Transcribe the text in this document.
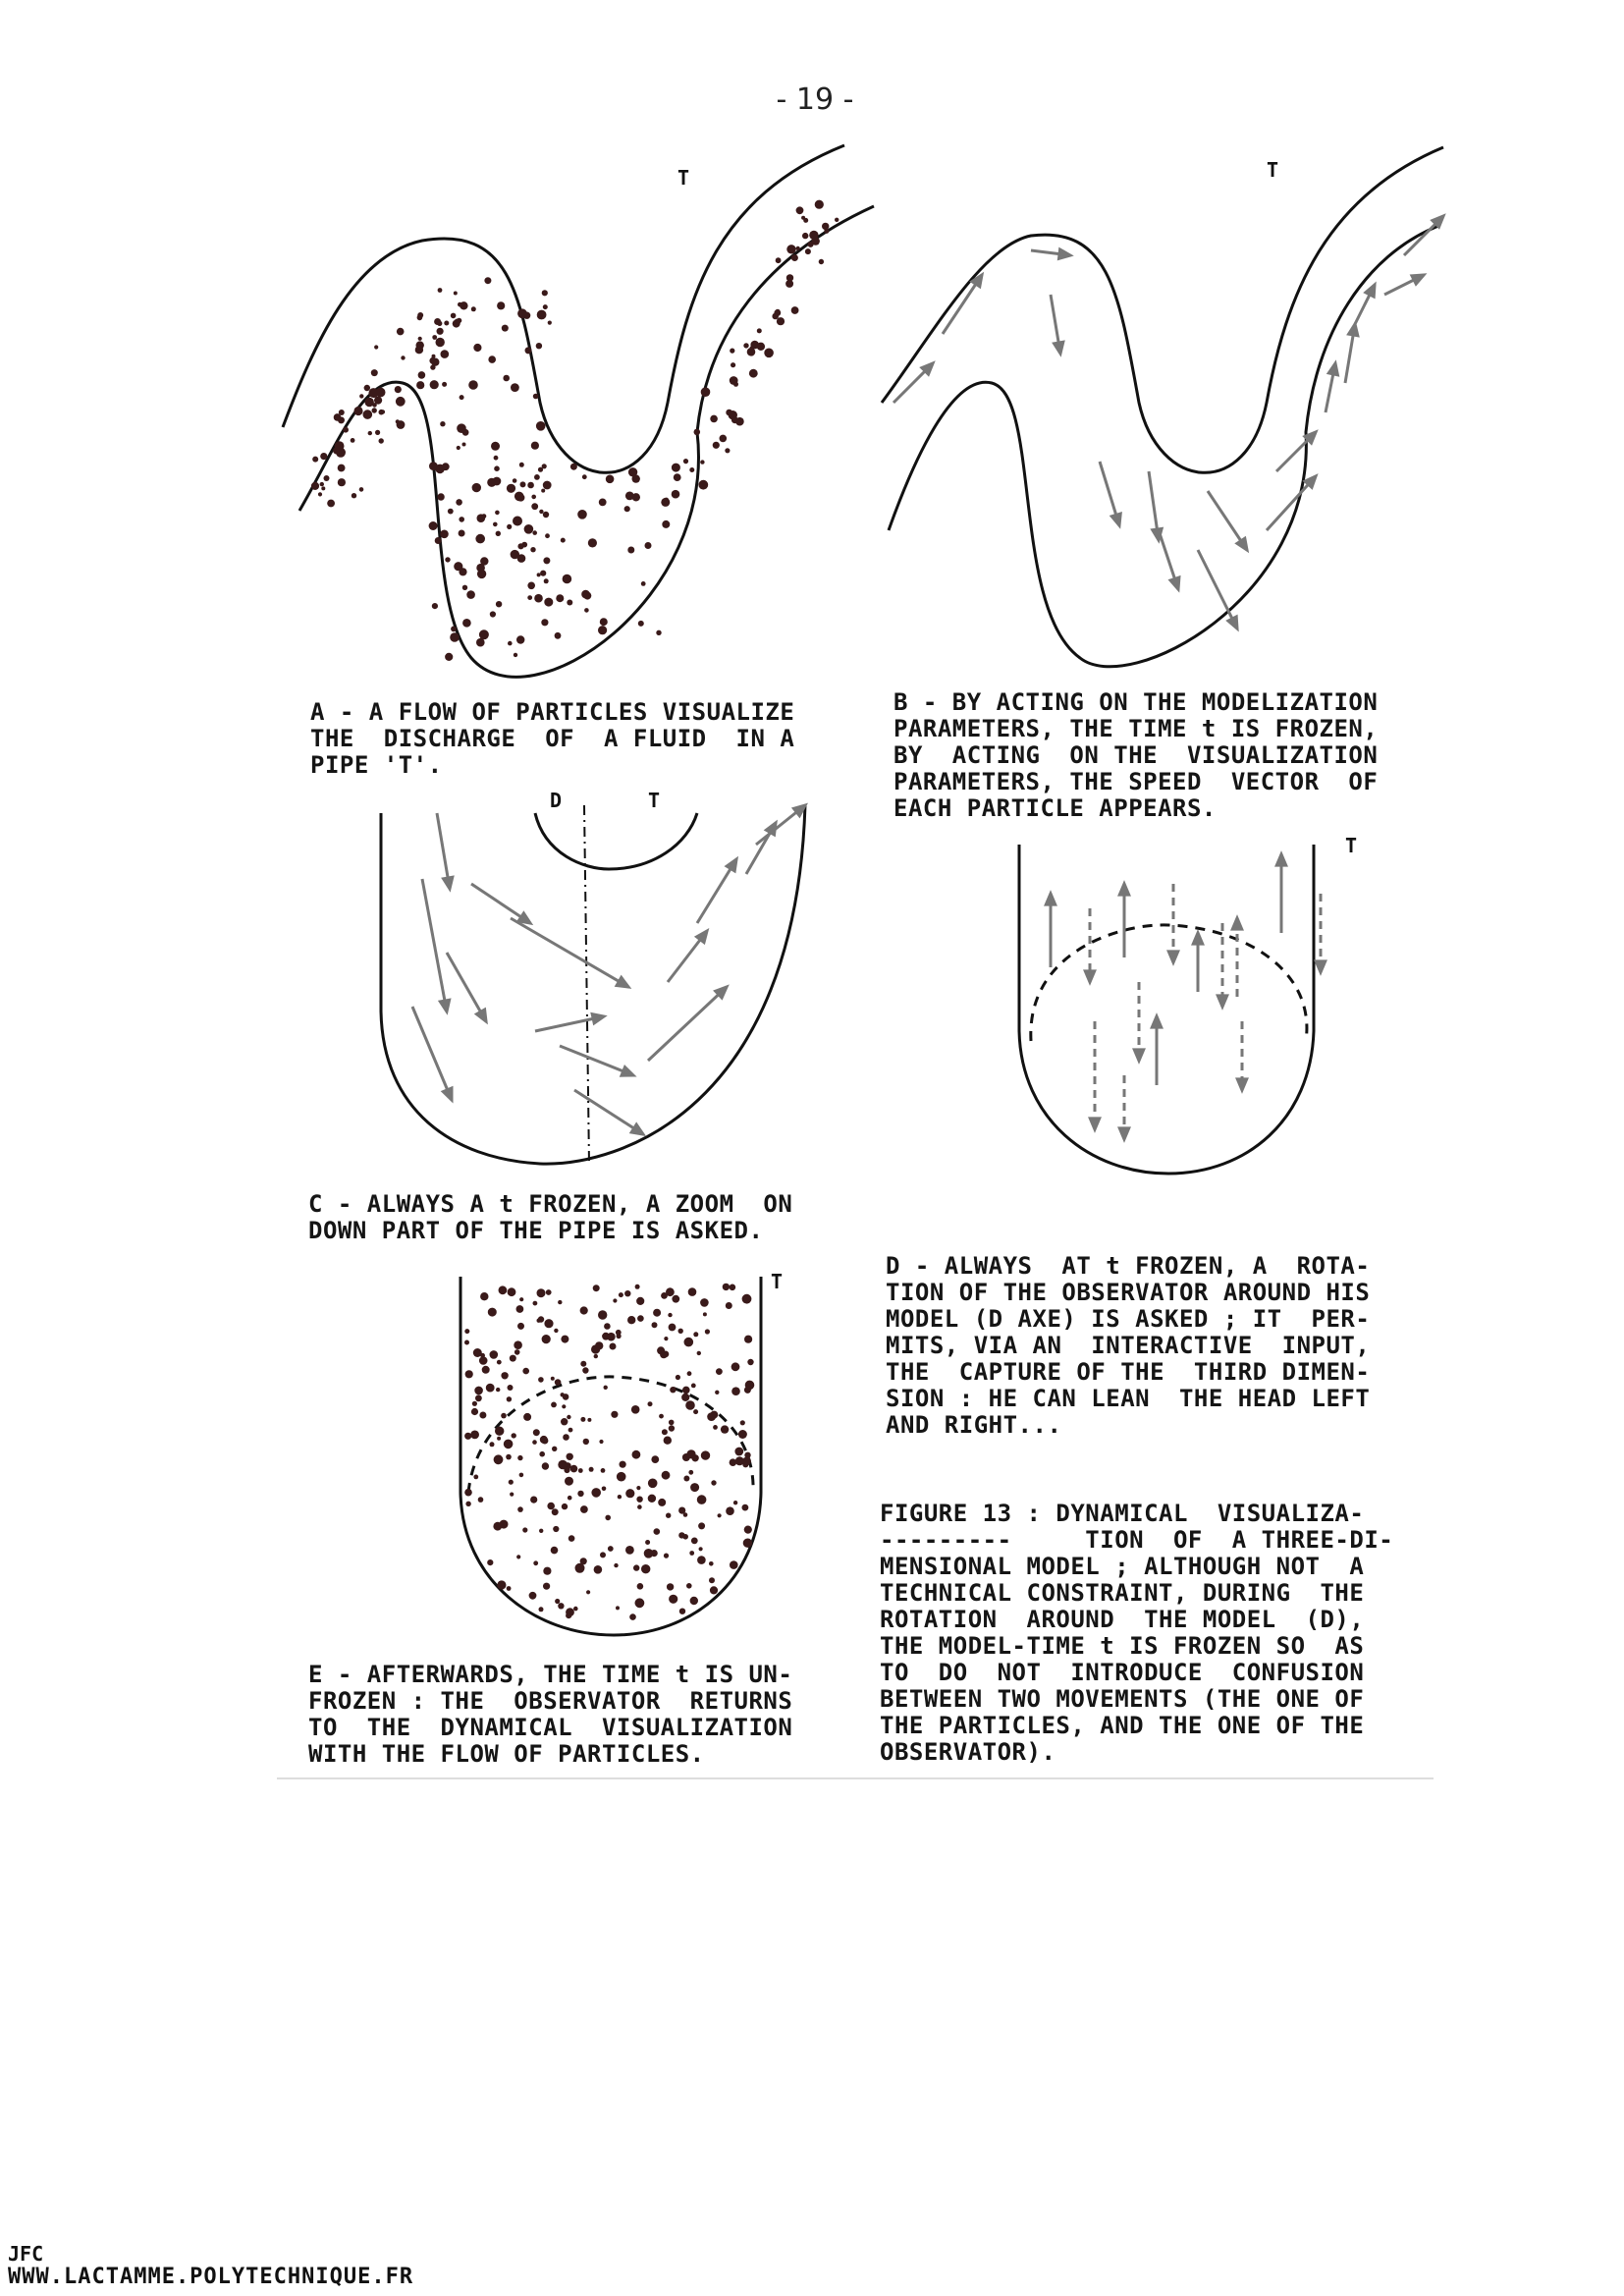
- 19 -
T	T
A - A FLOW OF PARTICLES VISUALIZE
THE  DISCHARGE  OF  A FLUID  IN A
PIPE 'T'.
B - BY ACTING ON THE MODELIZATION
PARAMETERS, THE TIME t IS FROZEN,
BY  ACTING  ON THE  VISUALIZATION
PARAMETERS, THE SPEED  VECTOR  OF
EACH PARTICLE APPEARS.
D	T
C - ALWAYS A t FROZEN, A ZOOM  ON
DOWN PART OF THE PIPE IS ASKED.
T
D - ALWAYS  AT t FROZEN, A  ROTA-
TION OF THE OBSERVATOR AROUND HIS
MODEL (D AXE) IS ASKED ; IT  PER-
MITS, VIA AN  INTERACTIVE  INPUT,
THE  CAPTURE OF THE  THIRD DIMEN-
SION : HE CAN LEAN  THE HEAD LEFT
AND RIGHT...
T
E - AFTERWARDS, THE TIME t IS UN-
FROZEN : THE  OBSERVATOR  RETURNS
TO  THE  DYNAMICAL  VISUALIZATION
WITH THE FLOW OF PARTICLES.
FIGURE 13 : DYNAMICAL  VISUALIZA-
---------     TION  OF  A THREE-DI-
MENSIONAL MODEL ; ALTHOUGH NOT  A
TECHNICAL CONSTRAINT, DURING  THE
ROTATION  AROUND  THE MODEL  (D),
THE MODEL-TIME t IS FROZEN SO  AS
TO  DO  NOT  INTRODUCE  CONFUSION
BETWEEN TWO MOVEMENTS (THE ONE OF
THE PARTICLES, AND THE ONE OF THE
OBSERVATOR).
JFC
WWW.LACTAMME.POLYTECHNIQUE.FR
